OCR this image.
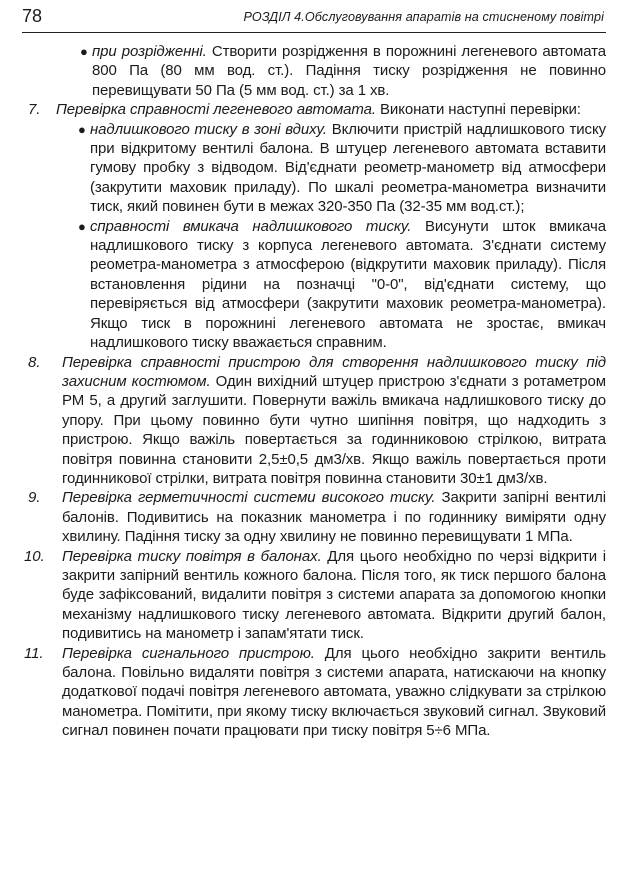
78	РОЗДІЛ 4.Обслуговування апаратів на стисненому повітрі
● при розрідженні. Створити розрідження в порожнині легеневого автомата 800 Па (80 мм вод. ст.). Падіння тиску розрідження не повинно перевищувати 50 Па (5 мм вод. ст.) за 1 хв.
7.	Перевірка справності легеневого автомата. Виконати наступні перевірки:
● надлишкового тиску в зоні вдиху. Включити пристрій надлишкового тиску при відкритому вентилі балона. В штуцер легеневого автомата вставити гумову пробку з відводом. Від'єднати реометр-манометр від атмосфери (закрутити маховик приладу). По шкалі реометра-манометра визначити тиск, який повинен бути в межах 320-350 Па (32-35 мм вод.ст.);
● справності вмикача надлишкового тиску. Висунути шток вмикача надлишкового тиску з корпуса легеневого автомата. З'єднати систему реометра-манометра з атмосферою (відкрутити маховик приладу). Після встановлення рідини на позначці "0-0", від'єднати систему, що перевіряється від атмосфери (закрутити маховик реометра-манометра). Якщо тиск в порожнині легеневого автомата не зростає, вмикач надлишкового тиску вважається справним.
8.	Перевірка справності пристрою для створення надлишкового тиску під захисним костюмом. Один вихідний штуцер пристрою з'єднати з ротаметром РМ 5, а другий заглушити. Повернути важіль вмикача надлишкового тиску до упору. При цьому повинно бути чутно шипіння повітря, що надходить з пристрою. Якщо важіль повертається за годинниковою стрілкою, витрата повітря повинна становити 2,5±0,5 дм3/хв. Якщо важіль повертається проти годинникової стрілки, витрата повітря повинна становити 30±1 дм3/хв.
9.	Перевірка герметичності системи високого тиску. Закрити запірні вентилі балонів. Подивитись на показник манометра і по годиннику виміряти одну хвилину. Падіння тиску за одну хвилину не повинно перевищувати 1 МПа.
10.	Перевірка тиску повітря в балонах. Для цього необхідно по черзі відкрити і закрити запірний вентиль кожного балона. Після того, як тиск першого балона буде зафіксований, видалити повітря з системи апарата за допомогою кнопки механізму надлишкового тиску легеневого автомата. Відкрити другий балон, подивитись на манометр і запам'ятати тиск.
11.	Перевірка сигнального пристрою. Для цього необхідно закрити вентиль балона. Повільно видаляти повітря з системи апарата, натискаючи на кнопку додаткової подачі повітря легеневого автомата, уважно слідкувати за стрілкою манометра. Помітити, при якому тиску включається звуковий сигнал. Звуковий сигнал повинен почати працювати при тиску повітря 5÷6 МПа.
